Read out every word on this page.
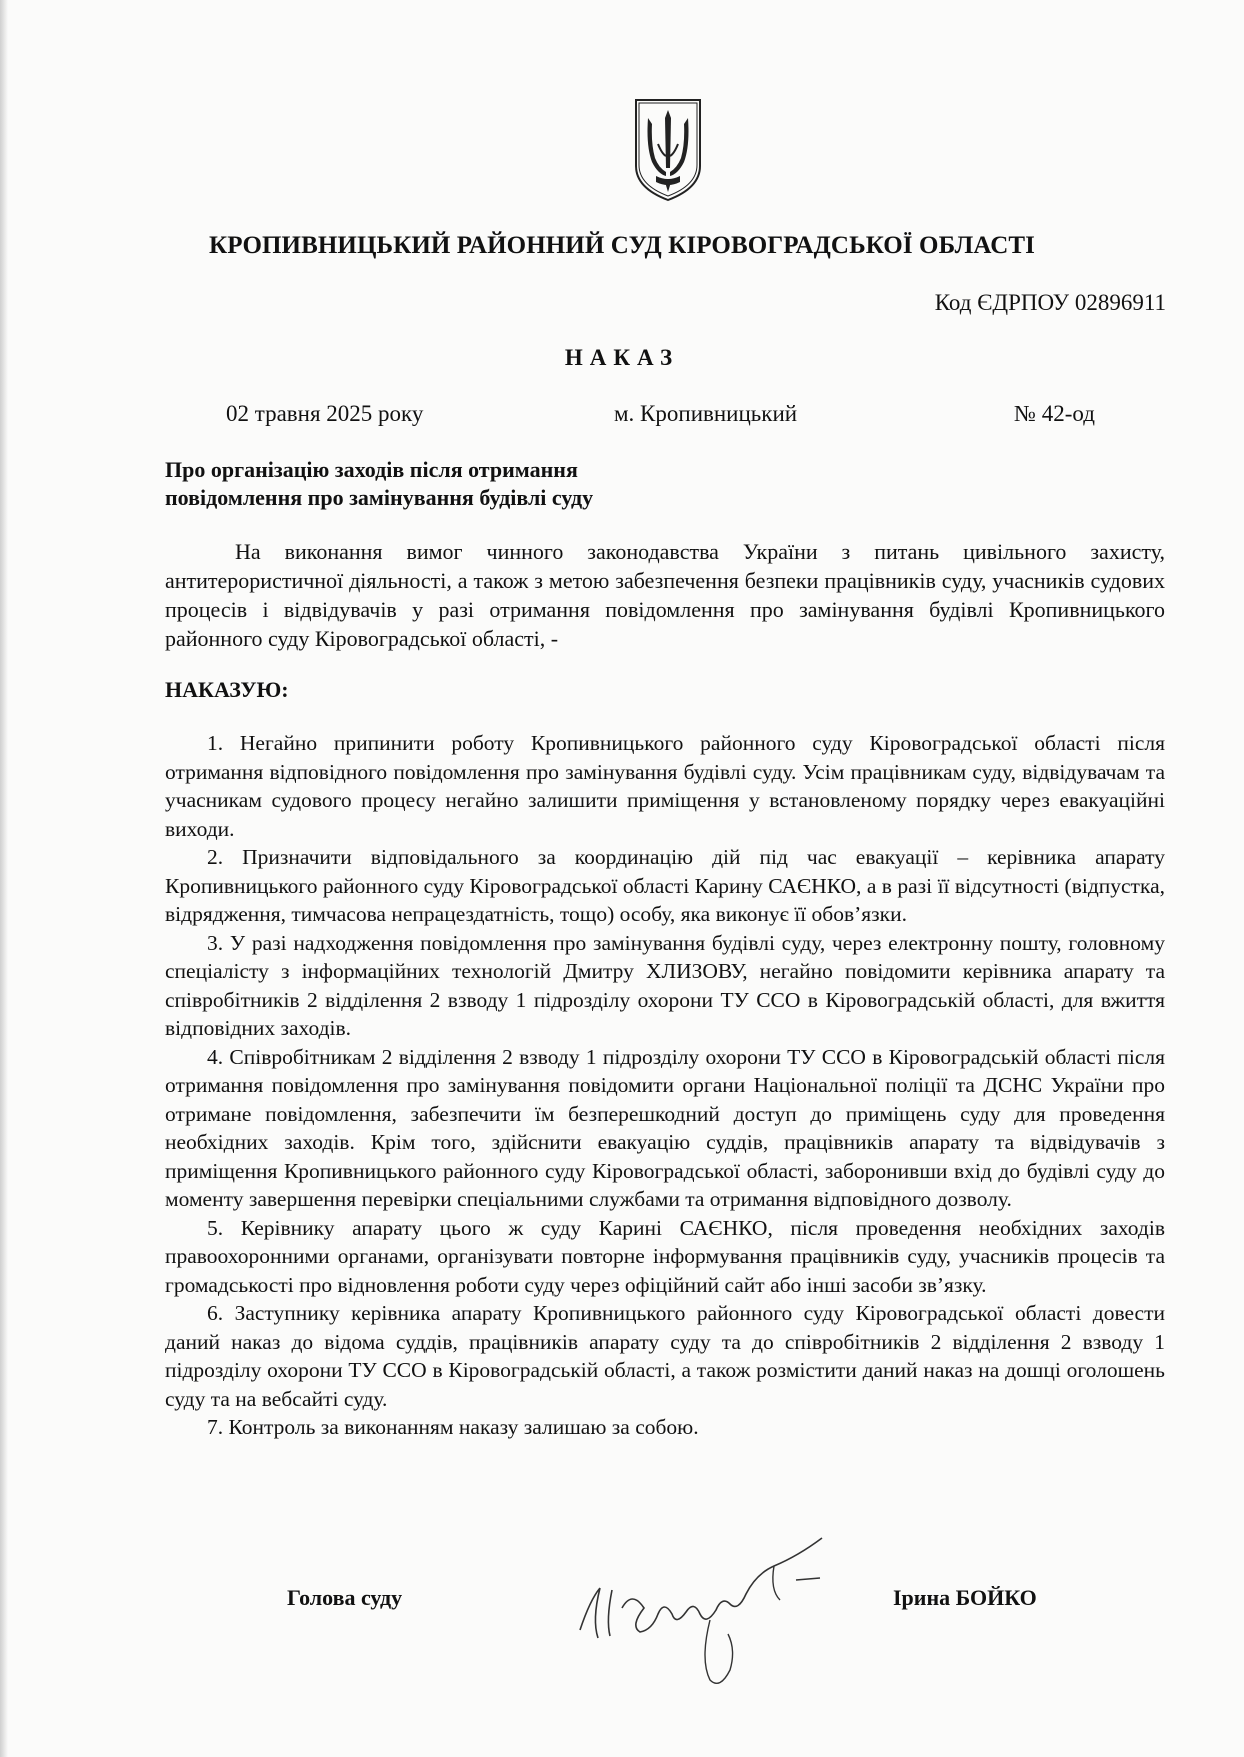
КРОПИВНИЦЬКИЙ РАЙОННИЙ СУД КІРОВОГРАДСЬКОЇ ОБЛАСТІ
Код ЄДРПОУ 02896911
НАКАЗ
02 травня 2025 року	м. Кропивницький	№ 42-од
Про організацію заходів після отримання
повідомлення про замінування будівлі суду
На виконання вимог чинного законодавства України з питань цивільного захисту, антитерористичної діяльності, а також з метою забезпечення безпеки працівників суду, учасників судових процесів і відвідувачів у разі отримання повідомлення про замінування будівлі Кропивницького районного суду Кіровоградської області, -
НАКАЗУЮ:

1. Негайно припинити роботу Кропивницького районного суду Кіровоградської області після отримання відповідного повідомлення про замінування будівлі суду. Усім працівникам суду, відвідувачам та учасникам судового процесу негайно залишити приміщення у встановленому порядку через евакуаційні виходи.

2. Призначити відповідального за координацію дій під час евакуації – керівника апарату Кропивницького районного суду Кіровоградської області Карину САЄНКО, а в разі її відсутності (відпустка, відрядження, тимчасова непрацездатність, тощо) особу, яка виконує її обов’язки.

3. У разі надходження повідомлення про замінування будівлі суду, через електронну пошту, головному спеціалісту з інформаційних технологій Дмитру ХЛИЗОВУ, негайно повідомити керівника апарату та співробітників 2 відділення 2 взводу 1 підрозділу охорони ТУ ССО в Кіровоградській області, для вжиття відповідних заходів.

4. Співробітникам 2 відділення 2 взводу 1 підрозділу охорони ТУ ССО в Кіровоградській області після отримання повідомлення про замінування повідомити органи Національної поліції та ДСНС України про отримане повідомлення, забезпечити їм безперешкодний доступ до приміщень суду для проведення необхідних заходів. Крім того, здійснити евакуацію суддів, працівників апарату та відвідувачів з приміщення Кропивницького районного суду Кіровоградської області, заборонивши вхід до будівлі суду до моменту завершення перевірки спеціальними службами та отримання відповідного дозволу.

5. Керівнику апарату цього ж суду Карині САЄНКО, після проведення необхідних заходів правоохоронними органами, організувати повторне інформування працівників суду, учасників процесів та громадськості про відновлення роботи суду через офіційний сайт або інші засоби зв’язку.

6. Заступнику керівника апарату Кропивницького районного суду Кіровоградської області довести даний наказ до відома суддів, працівників апарату суду та до співробітників 2 відділення 2 взводу 1 підрозділу охорони ТУ ССО в Кіровоградській області, а також розмістити даний наказ на дошці оголошень суду та на вебсайті суду.

7. Контроль за виконанням наказу залишаю за собою.

Голова суду	Ірина БОЙКО
